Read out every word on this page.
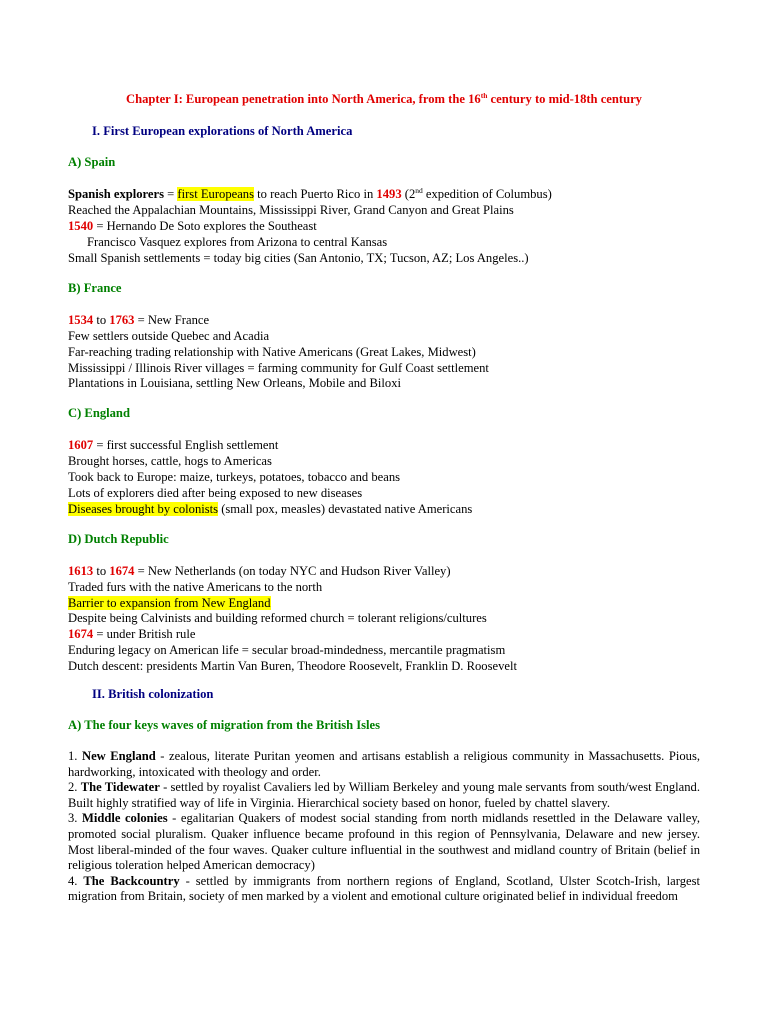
Chapter I: European penetration into North America, from the 16th century to mid-18th century
I. First European explorations of North America
A) Spain
Spanish explorers = first Europeans to reach Puerto Rico in 1493 (2nd expedition of Columbus)
Reached the Appalachian Mountains, Mississippi River, Grand Canyon and Great Plains
1540 = Hernando De Soto explores the Southeast
Francisco Vasquez explores from Arizona to central Kansas
Small Spanish settlements = today big cities (San Antonio, TX; Tucson, AZ; Los Angeles..)
B) France
1534 to 1763 = New France
Few settlers outside Quebec and Acadia
Far-reaching trading relationship with Native Americans (Great Lakes, Midwest)
Mississippi / Illinois River villages = farming community for Gulf Coast settlement
Plantations in Louisiana, settling New Orleans, Mobile and Biloxi
C) England
1607 = first successful English settlement
Brought horses, cattle, hogs to Americas
Took back to Europe: maize, turkeys, potatoes, tobacco and beans
Lots of explorers died after being exposed to new diseases
Diseases brought by colonists (small pox, measles) devastated native Americans
D) Dutch Republic
1613 to 1674 = New Netherlands (on today NYC and Hudson River Valley)
Traded furs with the native Americans to the north
Barrier to expansion from New England
Despite being Calvinists and building reformed church = tolerant religions/cultures
1674 = under British rule
Enduring legacy on American life = secular broad-mindedness, mercantile pragmatism
Dutch descent: presidents Martin Van Buren, Theodore Roosevelt, Franklin D. Roosevelt
II. British colonization
A) The four keys waves of migration from the British Isles

1. New England - zealous, literate Puritan yeomen and artisans establish a religious community in Massachusetts. Pious, hardworking, intoxicated with theology and order.

2. The Tidewater - settled by royalist Cavaliers led by William Berkeley and young male servants from south/west England. Built highly stratified way of life in Virginia. Hierarchical society based on honor, fueled by chattel slavery.

3. Middle colonies - egalitarian Quakers of modest social standing from north midlands resettled in the Delaware valley, promoted social pluralism. Quaker influence became profound in this region of Pennsylvania, Delaware and new jersey. Most liberal-minded of the four waves. Quaker culture influential in the southwest and midland country of Britain (belief in religious toleration helped American democracy)

4. The Backcountry - settled by immigrants from northern regions of England, Scotland, Ulster Scotch-Irish, largest migration from Britain, society of men marked by a violent and emotional culture originated belief in individual freedom
